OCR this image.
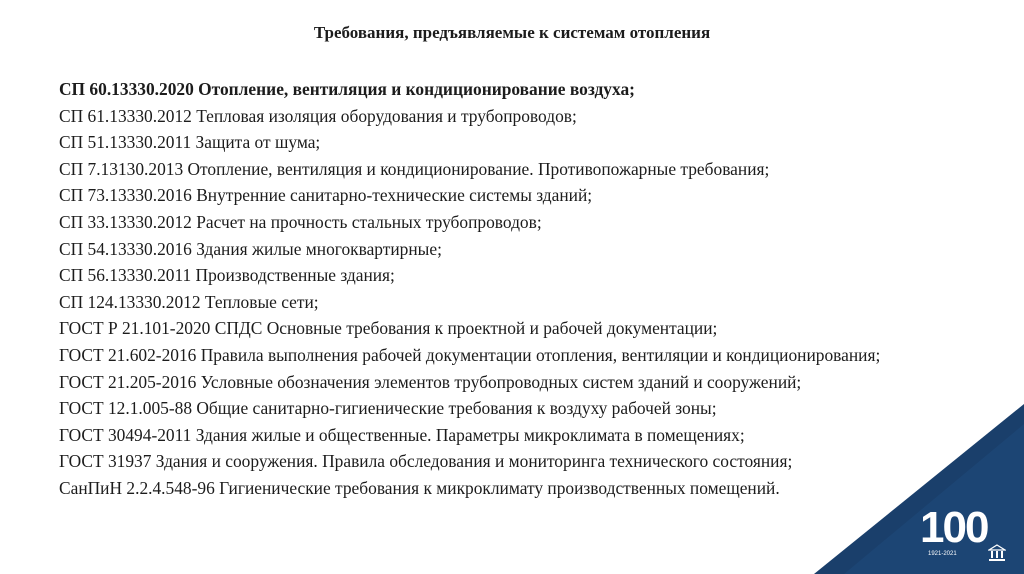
Требования, предъявляемые к системам отопления
СП 60.13330.2020 Отопление, вентиляция и кондиционирование воздуха;
СП 61.13330.2012 Тепловая изоляция оборудования и трубопроводов;
СП 51.13330.2011 Защита от шума;
СП 7.13130.2013 Отопление, вентиляция и кондиционирование. Противопожарные требования;
СП 73.13330.2016 Внутренние санитарно-технические системы зданий;
СП 33.13330.2012 Расчет на прочность стальных трубопроводов;
СП 54.13330.2016 Здания жилые многоквартирные;
СП 56.13330.2011 Производственные здания;
СП 124.13330.2012 Тепловые сети;
ГОСТ Р 21.101-2020 СПДС Основные требования к проектной и рабочей документации;
ГОСТ 21.602-2016 Правила выполнения рабочей документации отопления, вентиляции и кондиционирования;
ГОСТ 21.205-2016 Условные обозначения элементов трубопроводных систем зданий и сооружений;
ГОСТ 12.1.005-88 Общие санитарно-гигиенические требования к воздуху рабочей зоны;
ГОСТ 30494-2011 Здания жилые и общественные. Параметры микроклимата в помещениях;
ГОСТ 31937 Здания и сооружения. Правила обследования и мониторинга технического состояния;
СанПиН 2.2.4.548-96 Гигиенические требования к микроклимату производственных помещений.
100
1921-2021
